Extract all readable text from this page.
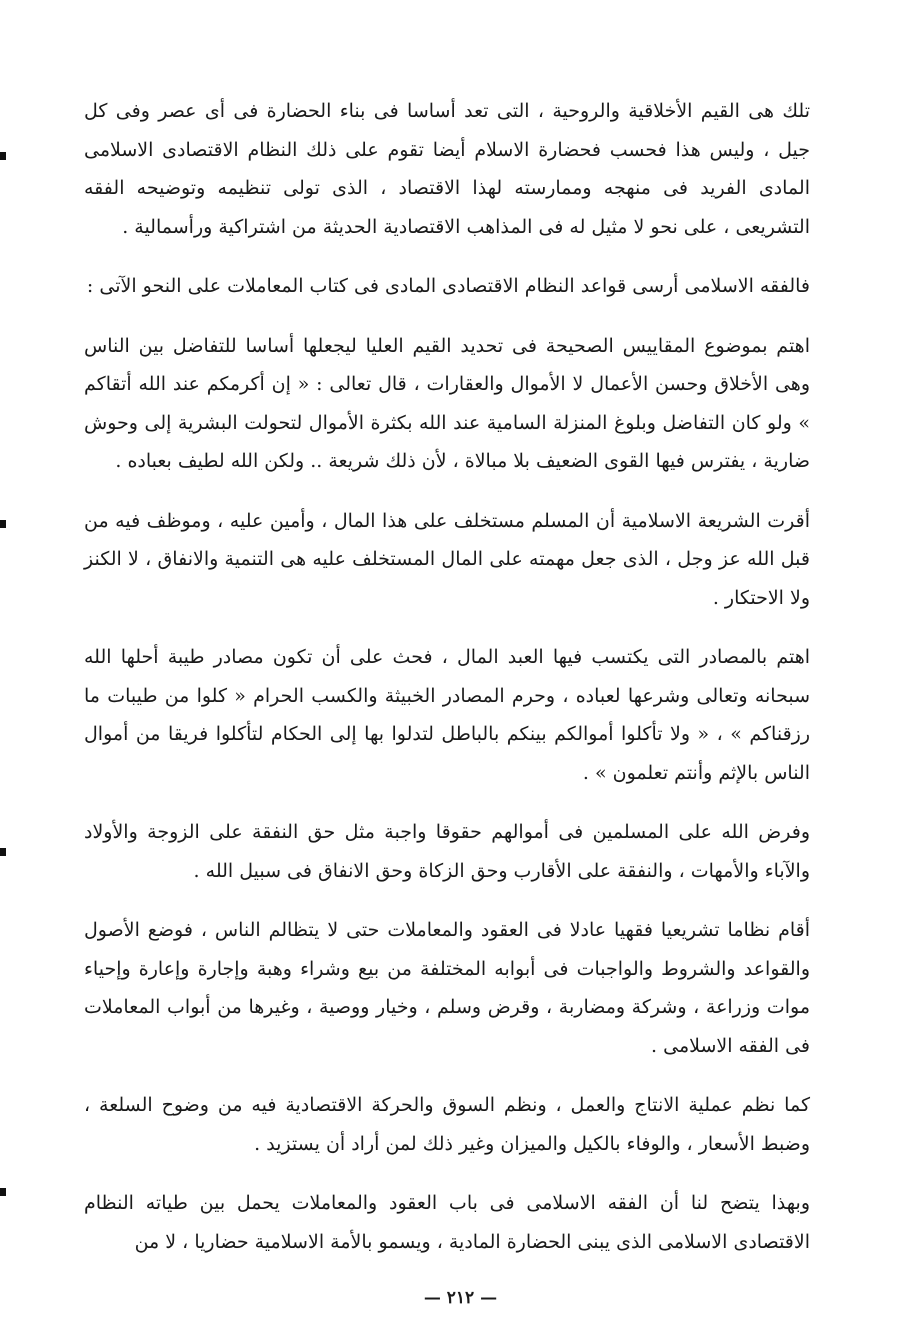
تلك هى القيم الأخلاقية والروحية ، التى تعد أساسا فى بناء الحضارة فى أى عصر وفى كل جيل ، وليس هذا فحسب فحضارة الاسلام أيضا تقوم على ذلك النظام الاقتصادى الاسلامى المادى الفريد فى منهجه وممارسته لهذا الاقتصاد ، الذى تولى تنظيمه وتوضيحه الفقه التشريعى ، على نحو لا مثيل له فى المذاهب الاقتصادية الحديثة من اشتراكية ورأسمالية .

فالفقه الاسلامى أرسى قواعد النظام الاقتصادى المادى فى كتاب المعاملات على النحو الآتى :

اهتم بموضوع المقاييس الصحيحة فى تحديد القيم العليا ليجعلها أساسا للتفاضل بين الناس وهى الأخلاق وحسن الأعمال لا الأموال والعقارات ، قال تعالى : « إن أكرمكم عند الله أتقاكم » ولو كان التفاضل وبلوغ المنزلة السامية عند الله بكثرة الأموال لتحولت البشرية إلى وحوش ضارية ، يفترس فيها القوى الضعيف بلا مبالاة ، لأن ذلك شريعة .. ولكن الله لطيف بعباده .

أقرت الشريعة الاسلامية أن المسلم مستخلف على هذا المال ، وأمين عليه ، وموظف فيه من قبل الله عز وجل ، الذى جعل مهمته على المال المستخلف عليه هى التنمية والانفاق ، لا الكنز ولا الاحتكار .

اهتم بالمصادر التى يكتسب فيها العبد المال ، فحث على أن تكون مصادر طيبة أحلها الله سبحانه وتعالى وشرعها لعباده ، وحرم المصادر الخبيثة والكسب الحرام « كلوا من طيبات ما رزقناكم » ، « ولا تأكلوا أموالكم بينكم بالباطل لتدلوا بها إلى الحكام لتأكلوا فريقا من أموال الناس بالإثم وأنتم تعلمون » .

وفرض الله على المسلمين فى أموالهم حقوقا واجبة مثل حق النفقة على الزوجة والأولاد والآباء والأمهات ، والنفقة على الأقارب وحق الزكاة وحق الانفاق فى سبيل الله .

أقام نظاما تشريعيا فقهيا عادلا فى العقود والمعاملات حتى لا يتظالم الناس ، فوضع الأصول والقواعد والشروط والواجبات فى أبوابه المختلفة من بيع وشراء وهبة وإجارة وإعارة وإحياء موات وزراعة ، وشركة ومضاربة ، وقرض وسلم ، وخيار ووصية ، وغيرها من أبواب المعاملات فى الفقه الاسلامى .

كما نظم عملية الانتاج والعمل ، ونظم السوق والحركة الاقتصادية فيه من وضوح السلعة ، وضبط الأسعار ، والوفاء بالكيل والميزان وغير ذلك لمن أراد أن يستزيد .

وبهذا يتضح لنا أن الفقه الاسلامى فى باب العقود والمعاملات يحمل بين طياته النظام الاقتصادى الاسلامى الذى يبنى الحضارة المادية ، ويسمو بالأمة الاسلامية حضاريا ، لا من

— ٢١٢ —
